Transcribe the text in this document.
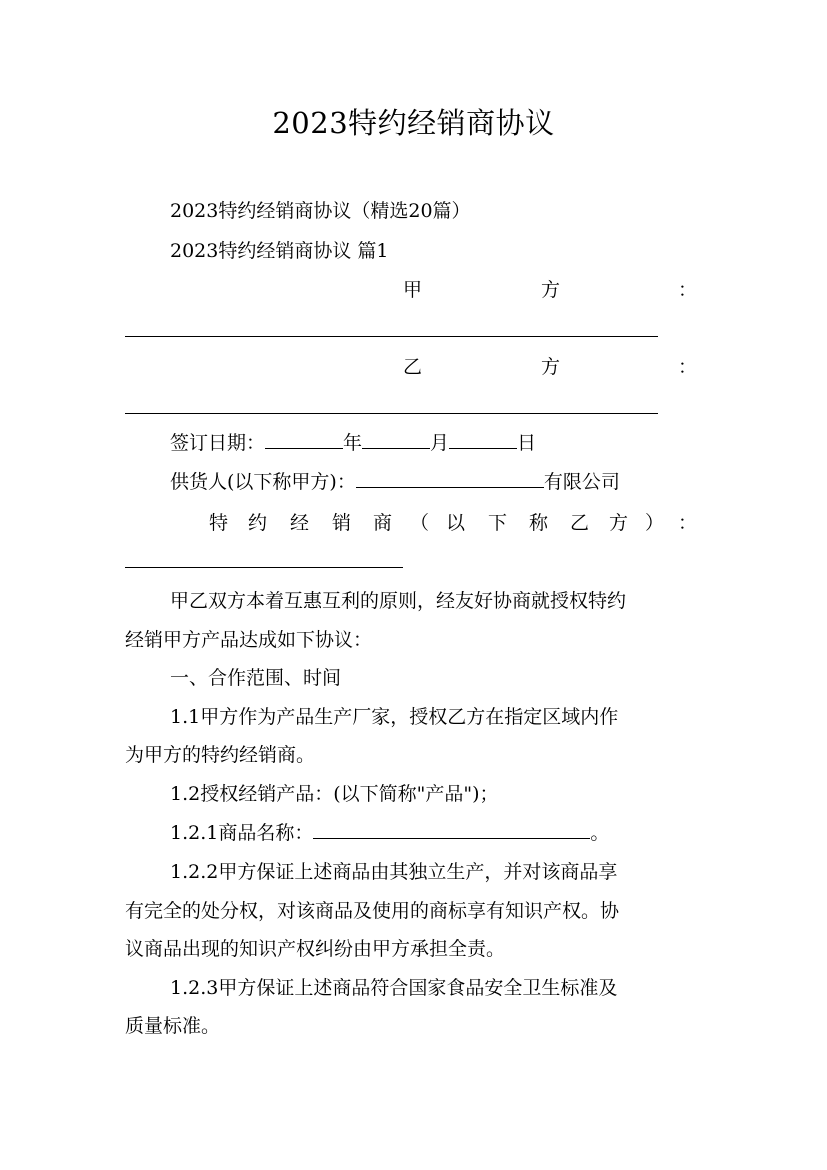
2023特约经销商协议
2023特约经销商协议（精选20篇）
2023特约经销商协议 篇1
甲	方	：
乙	方	：
签订日期：	年	月	日
供货人(以下称甲方)：	有限公司
特 约 经 销 商 （ 以 下 称 乙 方 ） ：
甲乙双方本着互惠互利的原则，经友好协商就授权特约
经销甲方产品达成如下协议：
一、合作范围、时间
1.1甲方作为产品生产厂家，授权乙方在指定区域内作
为甲方的特约经销商。
1.2授权经销产品：(以下简称"产品")；
1.2.1商品名称：	。
1.2.2甲方保证上述商品由其独立生产，并对该商品享
有完全的处分权，对该商品及使用的商标享有知识产权。协
议商品出现的知识产权纠纷由甲方承担全责。
1.2.3甲方保证上述商品符合国家食品安全卫生标准及
质量标准。
